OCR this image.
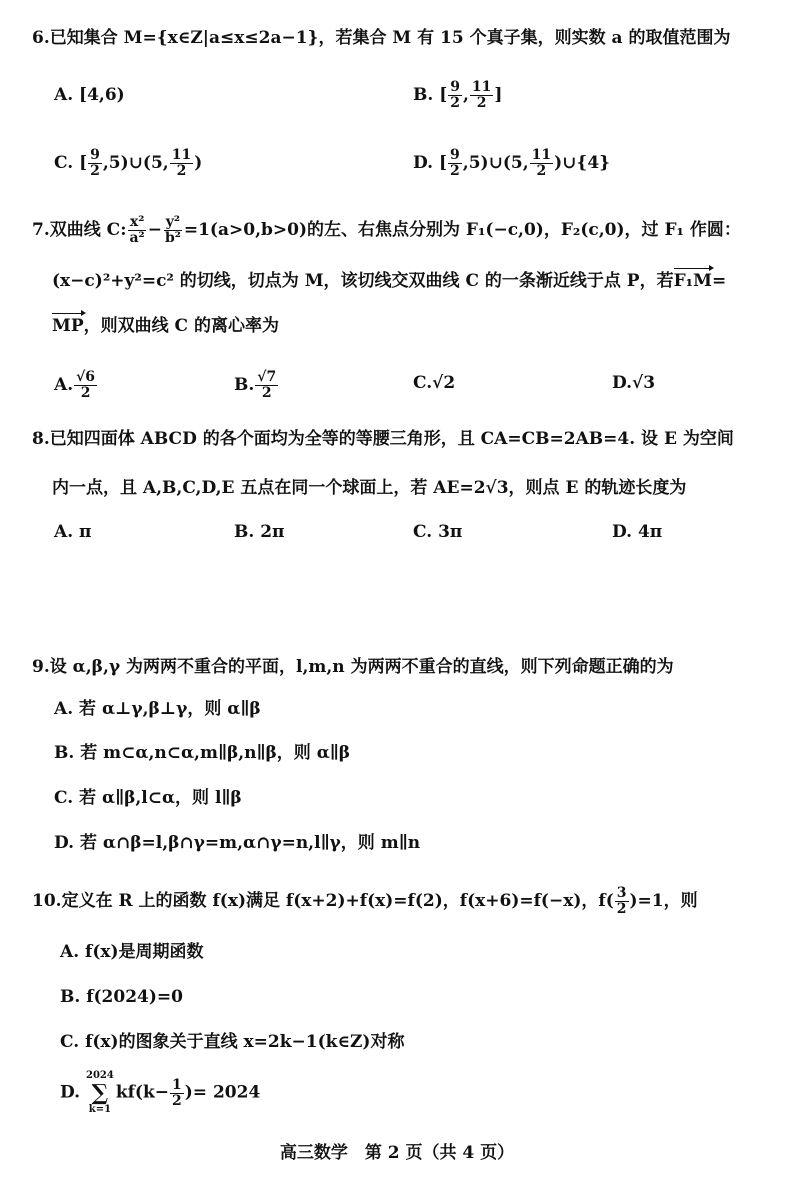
6.已知集合 M={x∈Z|a≤x≤2a−1}，若集合 M 有 15 个真子集，则实数 a 的取值范围为
A. [4,6)	B. [ $\frac{9}{2}$ , $\frac{11}{2}$ ]
C. [ $\frac{9}{2}$ ,5)∪(5, $\frac{11}{2}$ )	D. [ $\frac{9}{2}$ ,5)∪(5, $\frac{11}{2}$ )∪{4}
7.双曲线 C: $\frac{\text{x²}}{\text{a²}} - \frac{\text{y²}}{\text{b²}} =1(a>0,b>0)$的左、右焦点分别为 F₁(−c,0)，F₂(c,0)，过 F₁ 作圆：
(x−c)²+y²=c² 的切线，切点为 M，该切线交双曲线 C 的一条渐近线于点 P，若F₁M=
MP，则双曲线 C 的离心率为
A. $\frac{√6}{2}$	B. $\frac{√7}{2}$	C.√2	D.√3
8.已知四面体 ABCD 的各个面均为全等的等腰三角形，且 CA=CB=2AB=4. 设 E 为空间
内一点，且 A,B,C,D,E 五点在同一个球面上，若 AE=2√3，则点 E 的轨迹长度为
A. π	B. 2π	C. 3π	D. 4π
9.设 α,β,γ 为两两不重合的平面，l,m,n 为两两不重合的直线，则下列命题正确的为
A. 若 α⊥γ,β⊥γ，则 α∥β
B. 若 m⊂α,n⊂α,m∥β,n∥β，则 α∥β
C. 若 α∥β,l⊂α，则 l∥β
D. 若 α∩β=l,β∩γ=m,α∩γ=n,l∥γ，则 m∥n
10.定义在 R 上的函数 f(x)满足 f(x+2)+f(x)=f(2)，f(x+6)=f(−x)，$f( \frac{3}{2} )=1$，则
A. f(x)是周期函数
B. f(2024)=0
C. f(x)的图象关于直线 x=2k−1(k∈Z)对称
D.
2024
∑
k=1
$kf(k- \frac{1}{2}$ )= 2024
高三数学　第 2 页（共 4 页）
